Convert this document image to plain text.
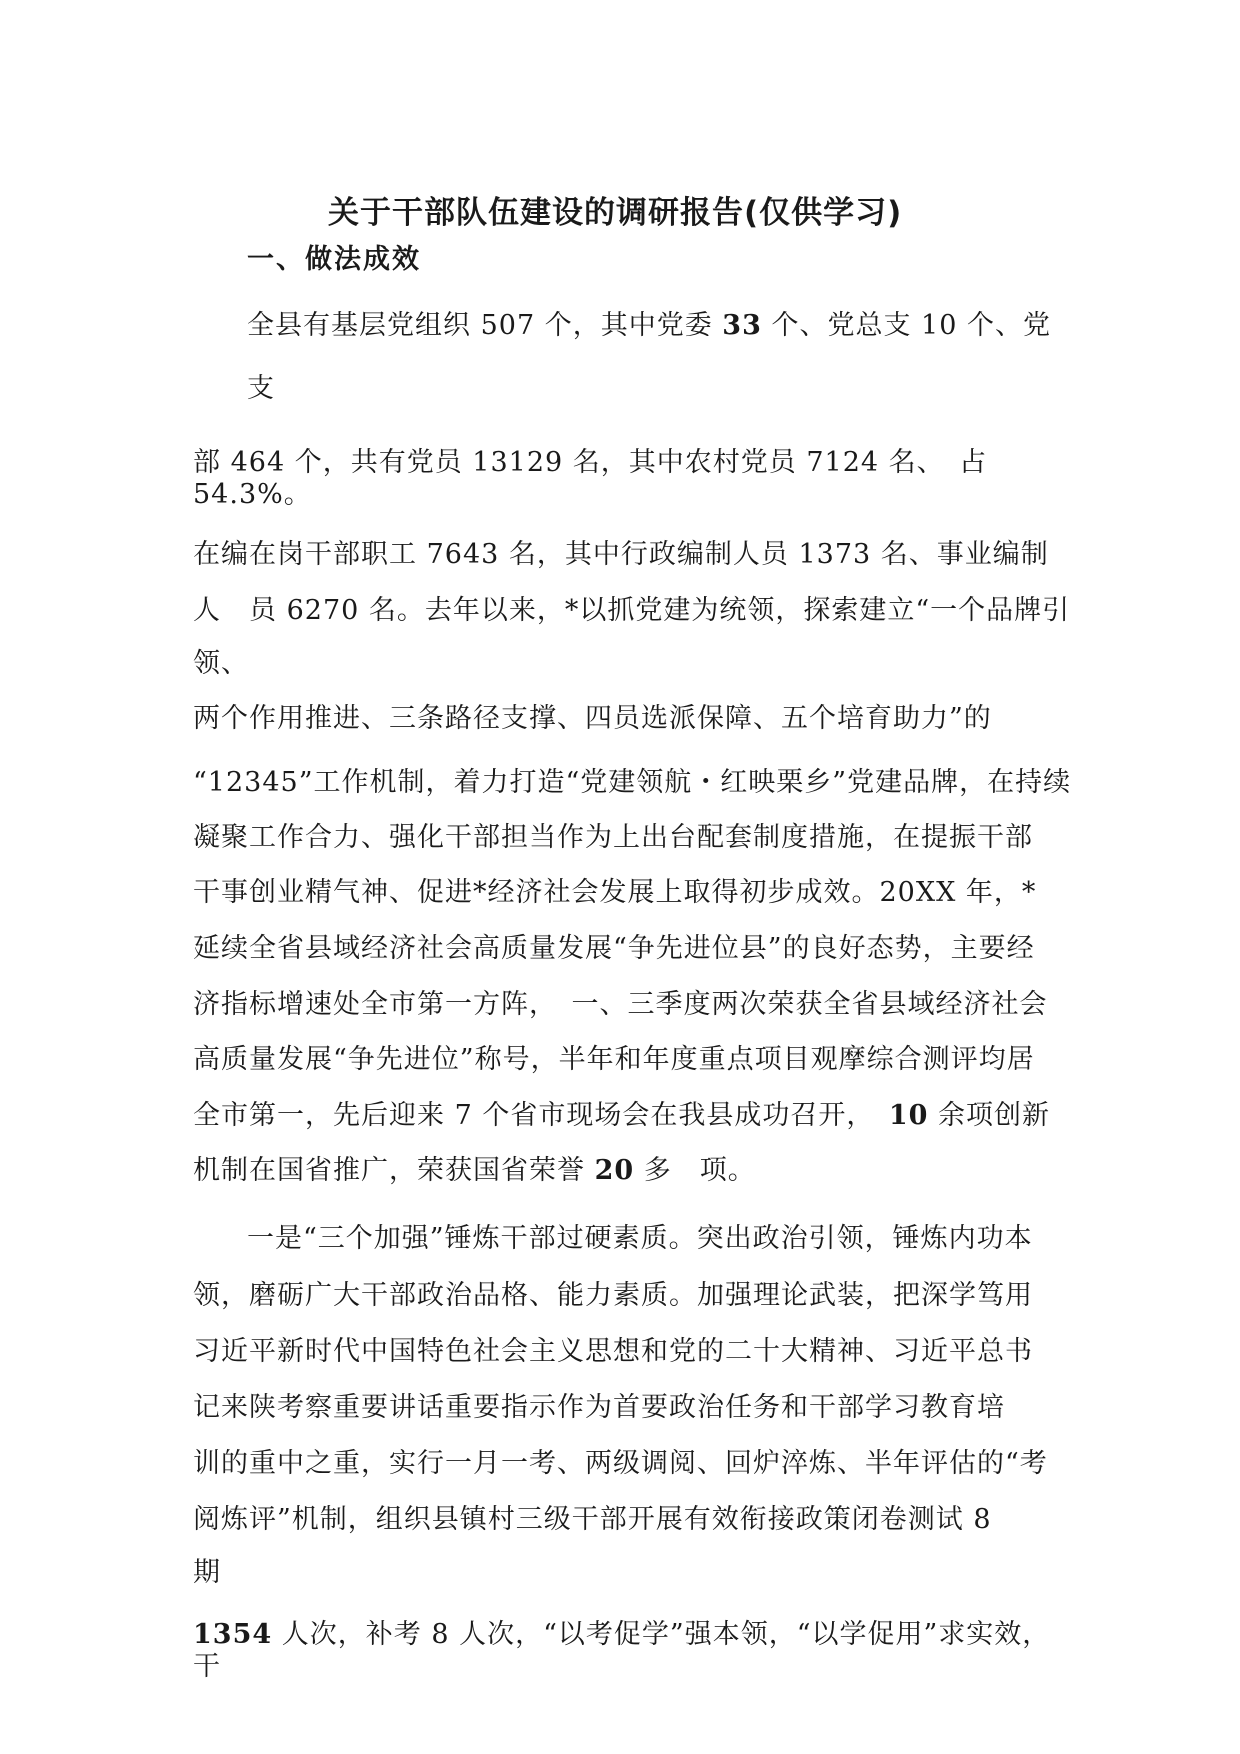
关于干部队伍建设的调研报告(仅供学习)
一、做法成效
全县有基层党组织 507 个，其中党委 33 个、党总支 10 个、党
支
部 464 个，共有党员 13129 名，其中农村党员 7124 名、　占
54.3%。
在编在岗干部职工 7643 名，其中行政编制人员 1373 名、事业编制
人　员 6270 名。去年以来，*以抓党建为统领，探索建立“一个品牌引
领、
两个作用推进、三条路径支撑、四员选派保障、五个培育助力”的
“12345”工作机制，着力打造“党建领航・红映栗乡”党建品牌，在持续
凝聚工作合力、强化干部担当作为上出台配套制度措施，在提振干部
干事创业精气神、促进*经济社会发展上取得初步成效。20XX 年，*
延续全省县域经济社会高质量发展“争先进位县”的良好态势，主要经
济指标增速处全市第一方阵，　一、三季度两次荣获全省县域经济社会
高质量发展“争先进位”称号，半年和年度重点项目观摩综合测评均居
全市第一，先后迎来 7 个省市现场会在我县成功召开，　10 余项创新
机制在国省推广，荣获国省荣誉 20 多　项。
一是“三个加强”锤炼干部过硬素质。突出政治引领，锤炼内功本
领，磨砺广大干部政治品格、能力素质。加强理论武装，把深学笃用
习近平新时代中国特色社会主义思想和党的二十大精神、习近平总书
记来陕考察重要讲话重要指示作为首要政治任务和干部学习教育培
训的重中之重，实行一月一考、两级调阅、回炉淬炼、半年评估的“考
阅炼评”机制，组织县镇村三级干部开展有效衔接政策闭卷测试 8
期
1354 人次，补考 8 人次，“以考促学”强本领，“以学促用”求实效，
干
